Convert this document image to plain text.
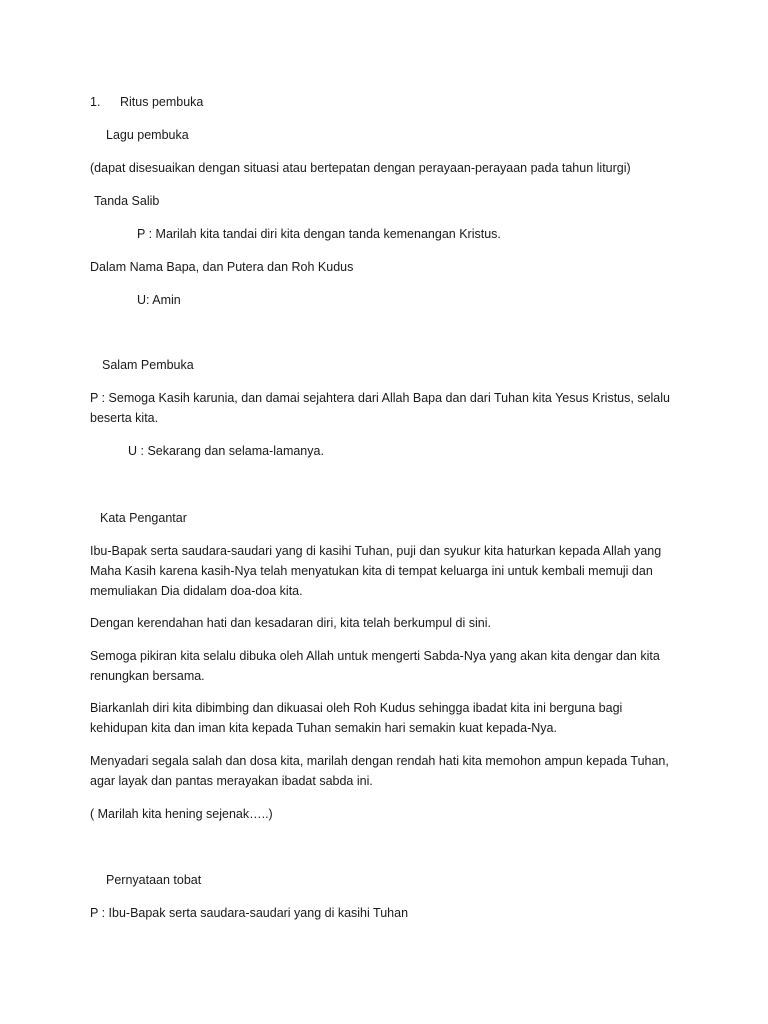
1. Ritus pembuka
Lagu pembuka
(dapat disesuaikan dengan situasi atau bertepatan dengan perayaan-perayaan pada tahun liturgi)
Tanda Salib
P : Marilah kita tandai diri kita dengan tanda kemenangan Kristus.
Dalam Nama Bapa, dan Putera dan Roh Kudus
U: Amin
Salam Pembuka
P : Semoga Kasih karunia, dan damai sejahtera dari Allah Bapa dan dari Tuhan kita Yesus Kristus, selalu beserta kita.
U : Sekarang dan selama-lamanya.
Kata Pengantar
Ibu-Bapak serta saudara-saudari yang di kasihi Tuhan, puji dan syukur kita haturkan kepada Allah yang Maha Kasih karena kasih-Nya telah menyatukan kita di tempat keluarga ini untuk kembali memuji dan memuliakan Dia didalam doa-doa kita.
Dengan kerendahan hati dan kesadaran diri, kita telah berkumpul di sini.
Semoga pikiran kita selalu dibuka oleh Allah untuk mengerti Sabda-Nya yang akan kita dengar dan kita renungkan bersama.
Biarkanlah diri kita dibimbing dan dikuasai oleh Roh Kudus sehingga ibadat kita ini berguna bagi kehidupan kita dan iman kita kepada Tuhan semakin hari semakin kuat kepada-Nya.
Menyadari segala salah dan dosa kita, marilah dengan rendah hati kita memohon ampun kepada Tuhan, agar layak dan pantas merayakan ibadat sabda ini.
( Marilah kita hening sejenak…..)
Pernyataan tobat
P : Ibu-Bapak serta saudara-saudari yang di kasihi Tuhan
